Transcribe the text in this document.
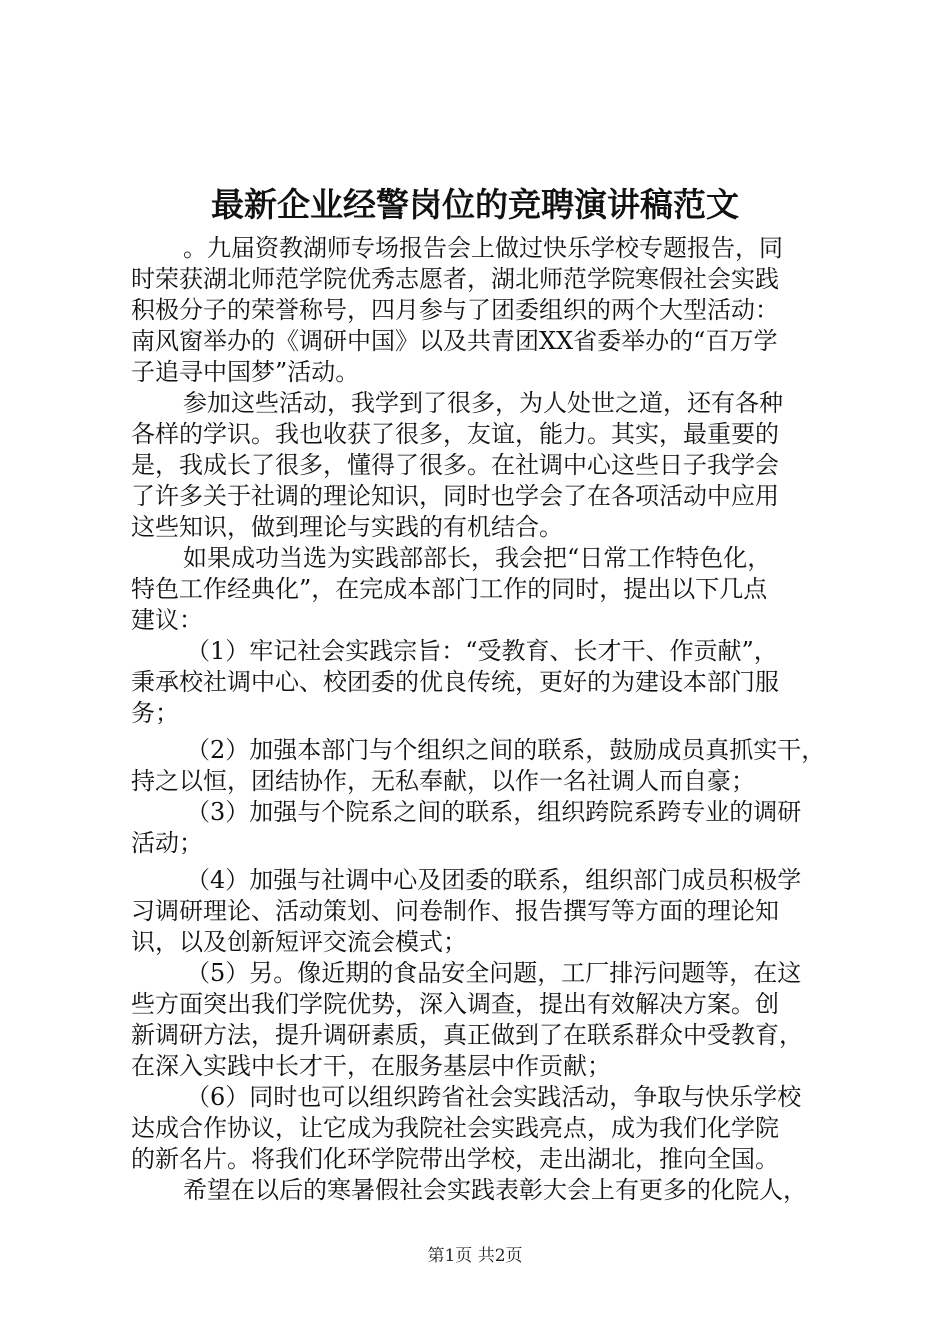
最新企业经警岗位的竞聘演讲稿范文
。九届资教湖师专场报告会上做过快乐学校专题报告，同
时荣获湖北师范学院优秀志愿者，湖北师范学院寒假社会实践
积极分子的荣誉称号，四月参与了团委组织的两个大型活动：
南风窗举办的《调研中国》以及共青团XX省委举办的“百万学
子追寻中国梦”活动。
参加这些活动，我学到了很多，为人处世之道，还有各种
各样的学识。我也收获了很多，友谊，能力。其实，最重要的
是，我成长了很多，懂得了很多。在社调中心这些日子我学会
了许多关于社调的理论知识，同时也学会了在各项活动中应用
这些知识，做到理论与实践的有机结合。
如果成功当选为实践部部长，我会把“日常工作特色化，
特色工作经典化”，在完成本部门工作的同时，提出以下几点
建议：
（1）牢记社会实践宗旨：“受教育、长才干、作贡献”，
秉承校社调中心、校团委的优良传统，更好的为建设本部门服
务；
（2）加强本部门与个组织之间的联系，鼓励成员真抓实干，
持之以恒，团结协作，无私奉献，以作一名社调人而自豪；
（3）加强与个院系之间的联系，组织跨院系跨专业的调研
活动；
（4）加强与社调中心及团委的联系，组织部门成员积极学
习调研理论、活动策划、问卷制作、报告撰写等方面的理论知
识，以及创新短评交流会模式；
（5）另。像近期的食品安全问题，工厂排污问题等，在这
些方面突出我们学院优势，深入调查，提出有效解决方案。创
新调研方法，提升调研素质，真正做到了在联系群众中受教育，
在深入实践中长才干，在服务基层中作贡献；
（6）同时也可以组织跨省社会实践活动，争取与快乐学校
达成合作协议，让它成为我院社会实践亮点，成为我们化学院
的新名片。将我们化环学院带出学校，走出湖北，推向全国。
希望在以后的寒暑假社会实践表彰大会上有更多的化院人，
第1页 共2页
